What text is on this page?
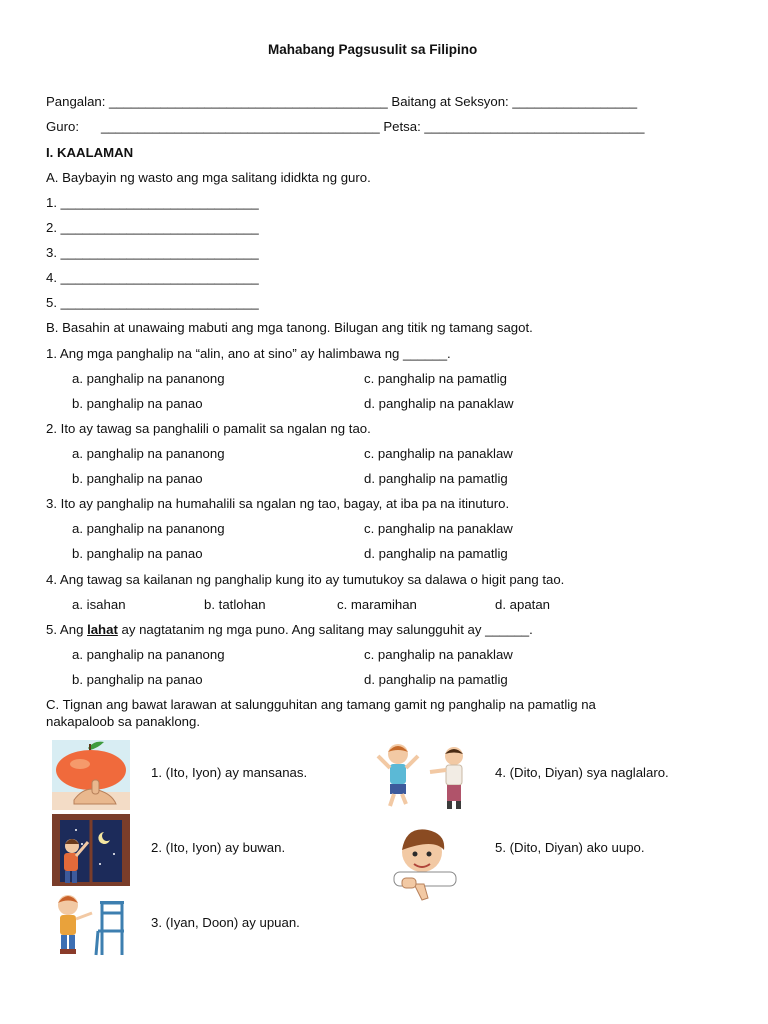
Mahabang Pagsusulit sa Filipino
Pangalan: ______________________________________ Baitang at Seksyon: _________________
Guro: ______________________________________ Petsa: ______________________________
I. KAALAMAN
A. Baybayin ng wasto ang mga salitang ididkta ng guro.
1. ___________________________
2. ___________________________
3. ___________________________
4. ___________________________
5. ___________________________
B. Basahin at unawaing mabuti ang mga tanong. Bilugan ang titik ng tamang sagot.
1. Ang mga panghalip na “alin, ano at sino” ay halimbawa ng ______.
a. panghalip na pananong	c. panghalip na pamatlig
b. panghalip na panao	d. panghalip na panaklaw
2. Ito ay tawag sa panghalili o pamalit sa ngalan ng tao.
a. panghalip na pananong	c. panghalip na panaklaw
b. panghalip na panao	d. panghalip na pamatlig
3. Ito ay panghalip na humahalili sa ngalan ng tao, bagay, at iba pa na itinuturo.
a. panghalip na pananong	c. panghalip na panaklaw
b. panghalip na panao	d. panghalip na pamatlig
4. Ang tawag sa kailanan ng panghalip kung ito ay tumutukoy sa dalawa o higit pang tao.
a. isahan	b. tatlohan	c. maramihan	d. apatan
5. Ang lahat ay nagtatanim ng mga puno. Ang salitang may salungguhit ay ______.
a. panghalip na pananong	c. panghalip na panaklaw
b. panghalip na panao	d. panghalip na pamatlig
C. Tignan ang bawat larawan at salungguhitan ang tamang gamit ng panghalip na pamatlig na
nakapaloob sa panaklong.
1. (Ito, Iyon) ay mansanas.	4. (Dito, Diyan) sya naglalaro.
2. (Ito, Iyon) ay buwan.	5. (Dito, Diyan) ako uupo.
3. (Iyan, Doon) ay upuan.
